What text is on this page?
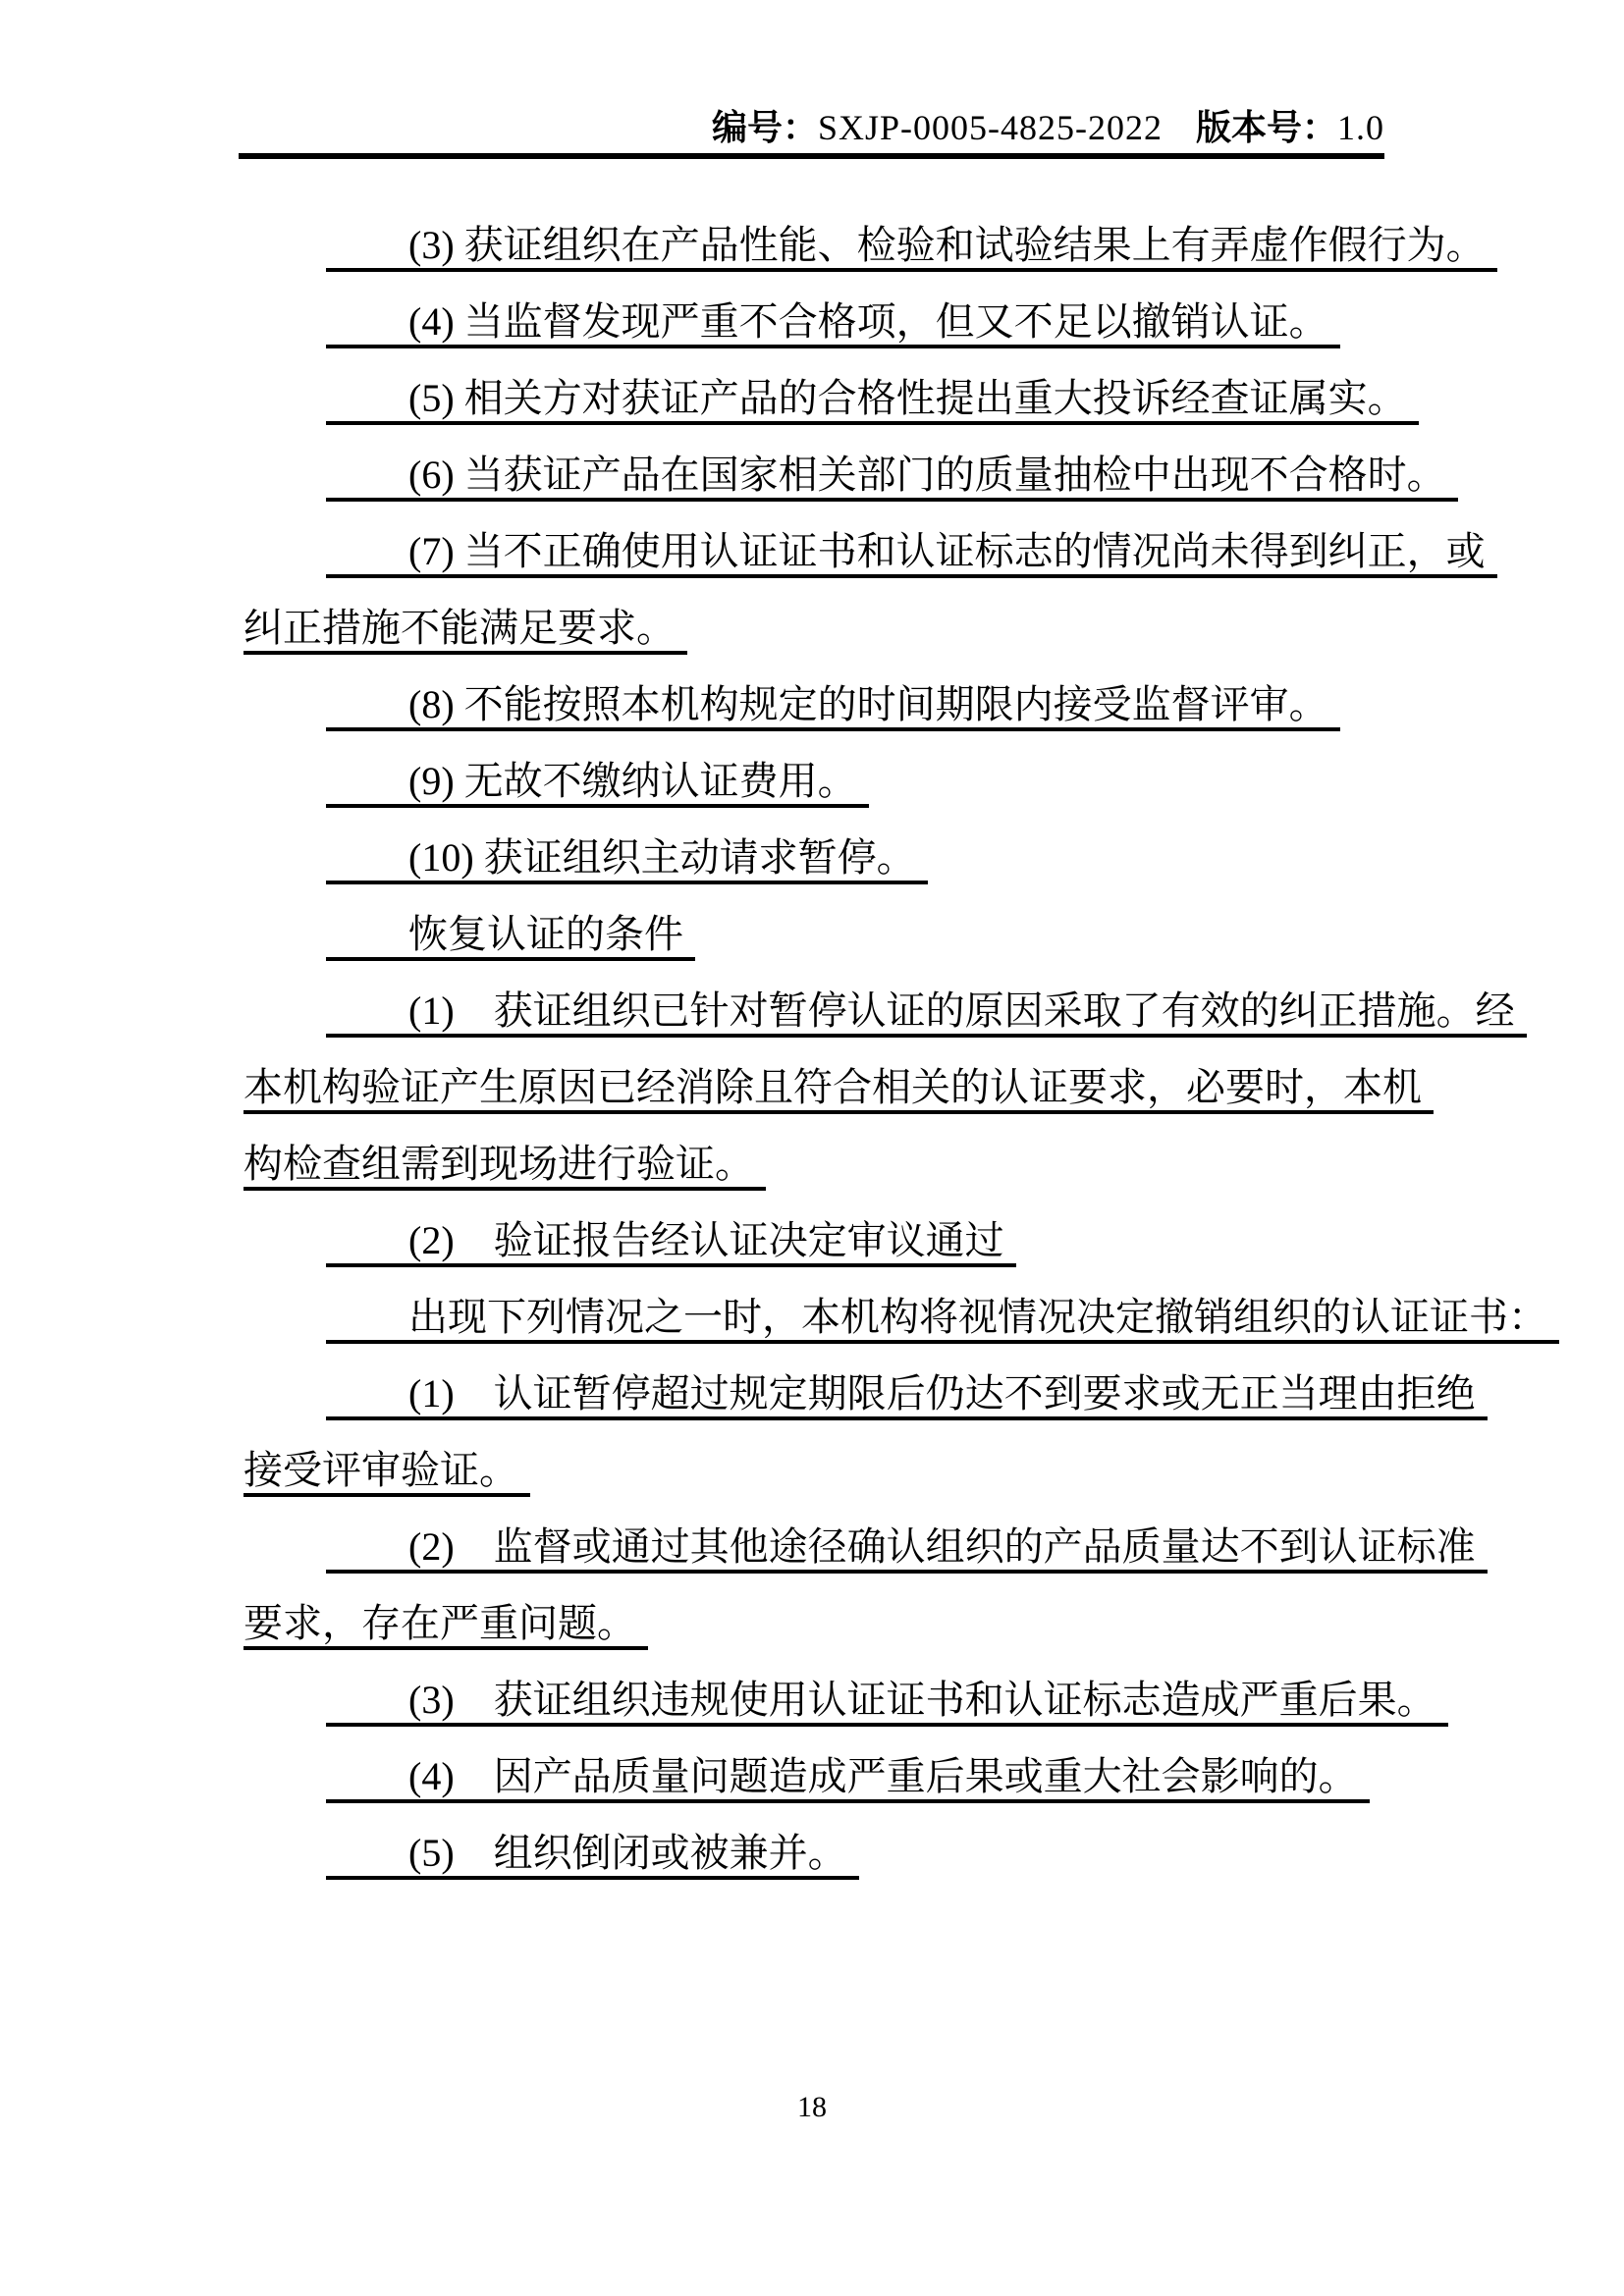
编号：SXJP-0005-4825-2022 版本号：1.0
(3) 获证组织在产品性能、检验和试验结果上有弄虚作假行为。
(4) 当监督发现严重不合格项，但又不足以撤销认证。
(5) 相关方对获证产品的合格性提出重大投诉经查证属实。
(6) 当获证产品在国家相关部门的质量抽检中出现不合格时。
(7) 当不正确使用认证证书和认证标志的情况尚未得到纠正，或
纠正措施不能满足要求。
(8) 不能按照本机构规定的时间期限内接受监督评审。
(9) 无故不缴纳认证费用。
(10) 获证组织主动请求暂停。
恢复认证的条件
(1)　获证组织已针对暂停认证的原因采取了有效的纠正措施。经
本机构验证产生原因已经消除且符合相关的认证要求，必要时，本机
构检查组需到现场进行验证。
(2)　验证报告经认证决定审议通过
出现下列情况之一时，本机构将视情况决定撤销组织的认证证书：
(1)　认证暂停超过规定期限后仍达不到要求或无正当理由拒绝
接受评审验证。
(2)　监督或通过其他途径确认组织的产品质量达不到认证标准
要求，存在严重问题。
(3)　获证组织违规使用认证证书和认证标志造成严重后果。
(4)　因产品质量问题造成严重后果或重大社会影响的。
(5)　组织倒闭或被兼并。
18
